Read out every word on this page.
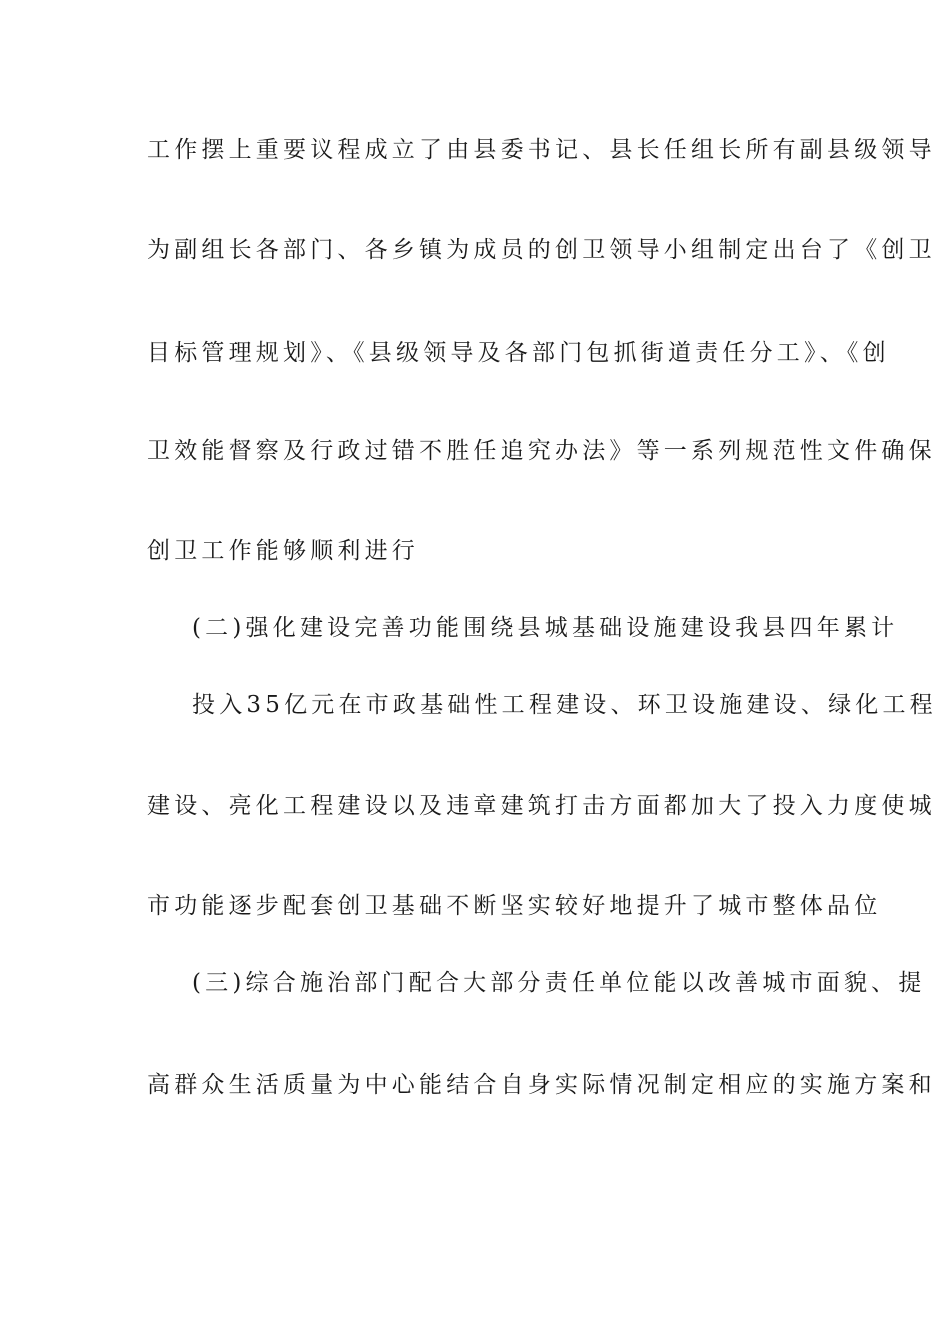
工作摆上重要议程成立了由县委书记、县长任组长所有副县级领导
为副组长各部门、各乡镇为成员的创卫领导小组制定出台了《创卫
目标管理规划》、《县级领导及各部门包抓街道责任分工》、《创
卫效能督察及行政过错不胜任追究办法》等一系列规范性文件确保
创卫工作能够顺利进行
(二)强化建设完善功能围绕县城基础设施建设我县四年累计
投入35亿元在市政基础性工程建设、环卫设施建设、绿化工程
建设、亮化工程建设以及违章建筑打击方面都加大了投入力度使城
市功能逐步配套创卫基础不断坚实较好地提升了城市整体品位
(三)综合施治部门配合大部分责任单位能以改善城市面貌、提
高群众生活质量为中心能结合自身实际情况制定相应的实施方案和
